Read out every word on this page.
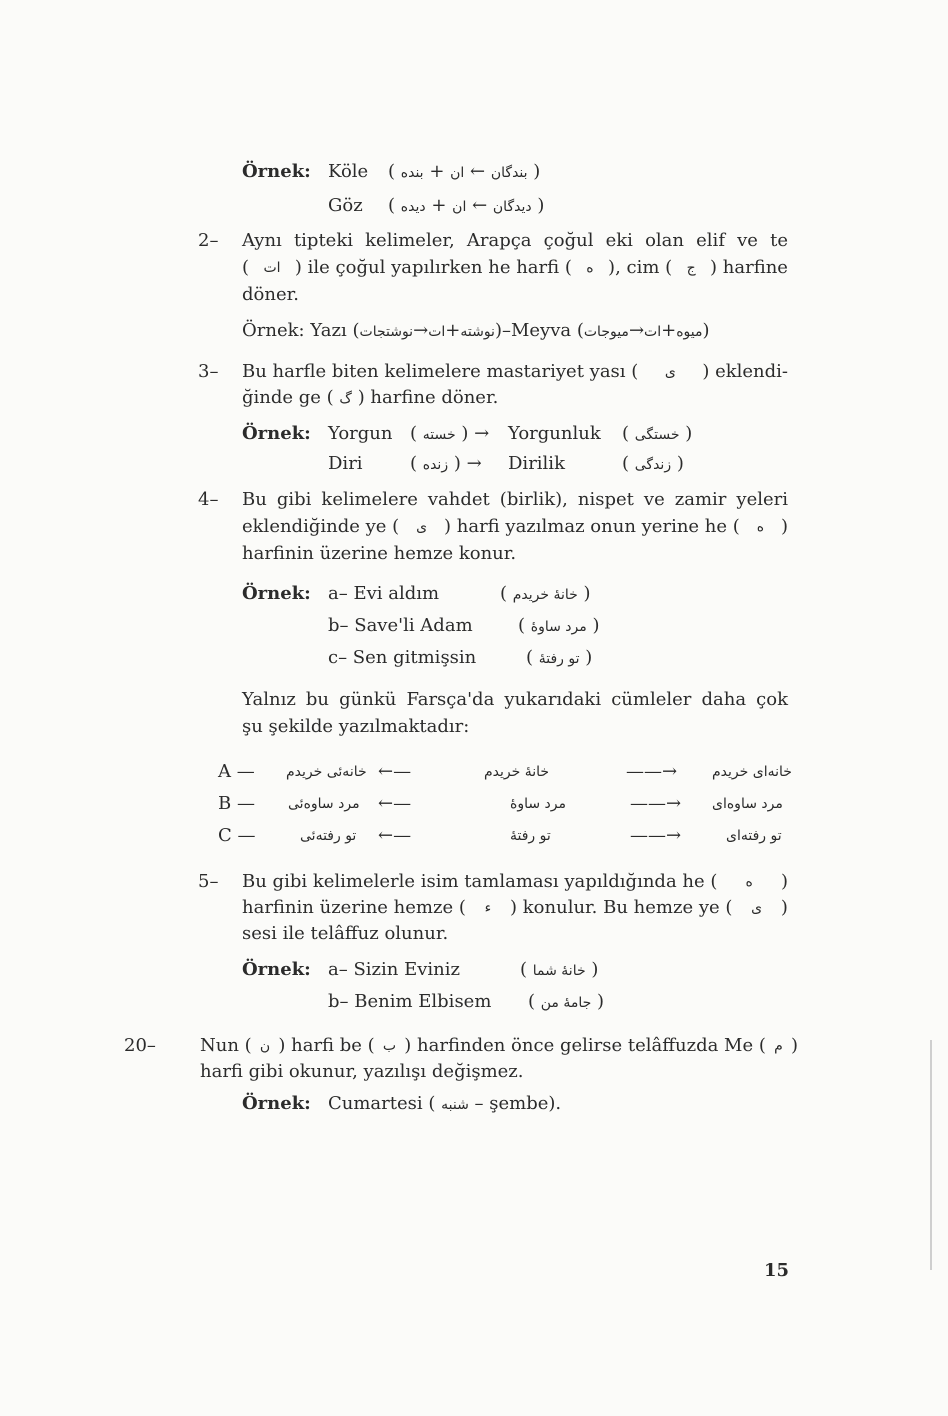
Örnek: Köle (	بندگان ← ان + بنده	)
Göz (	دیدگان ← ان + دیده	)
2– Aynı tipteki kelimeler, Arapça çoğul eki olan elif ve te
( ات ) ile çoğul yapılırken he harfi ( ه ), cim ( ج ) harfine
döner.
Örnek: Yazı (	نوشته+ات→نوشتجات	)–Meyva (	میوه+ات→میوجات	)
3– Bu harfle biten kelimelere mastariyet yası ( ی ) eklendi-
ğinde ge ( گ ) harfine döner.
Örnek: Yorgun ( خسته ) → Yorgunluk ( خستگی )
Diri	( زنده ) → Dirilik	( زندگی )
4– Bu gibi kelimelere vahdet (birlik), nispet ve zamir yeleri
eklendiğinde ye ( ی ) harfi yazılmaz onun yerine he ( ه )
harfinin üzerine hemze konur.
Örnek: a– Evi aldım	( خانهٔ خریدم )
b– Save'li Adam	( مرد ساوهٔ )
c– Sen gitmişsin	( تو رفتهٔ )
Yalnız bu günkü Farsça'da yukarıdaki cümleler daha çok
şu şekilde yazılmaktadır:
A — خانه‌ئی خریدم ←—	خانهٔ خریدم	——→ خانه‌ای خریدم
B — مرد ساوه‌ئی ←—	مرد ساوهٔ	——→ مرد ساوه‌ای
C —	تو رفته‌ئی ←—	تو رفتهٔ	——→	تو رفته‌ای
5– Bu gibi kelimelerle isim tamlaması yapıldığında he ( ه )
harfinin üzerine hemze ( ء ) konulur. Bu hemze ye ( ی )
sesi ile telâffuz olunur.
Örnek: a– Sizin Eviniz	( خانهٔ شما )
b– Benim Elbisem ( جامهٔ من )
20– Nun ( ن ) harfi be ( ب ) harfinden önce gelirse telâffuzda Me ( م )
harfi gibi okunur, yazılışı değişmez.
Örnek: Cumartesi ( شنبه – şembe).
15
